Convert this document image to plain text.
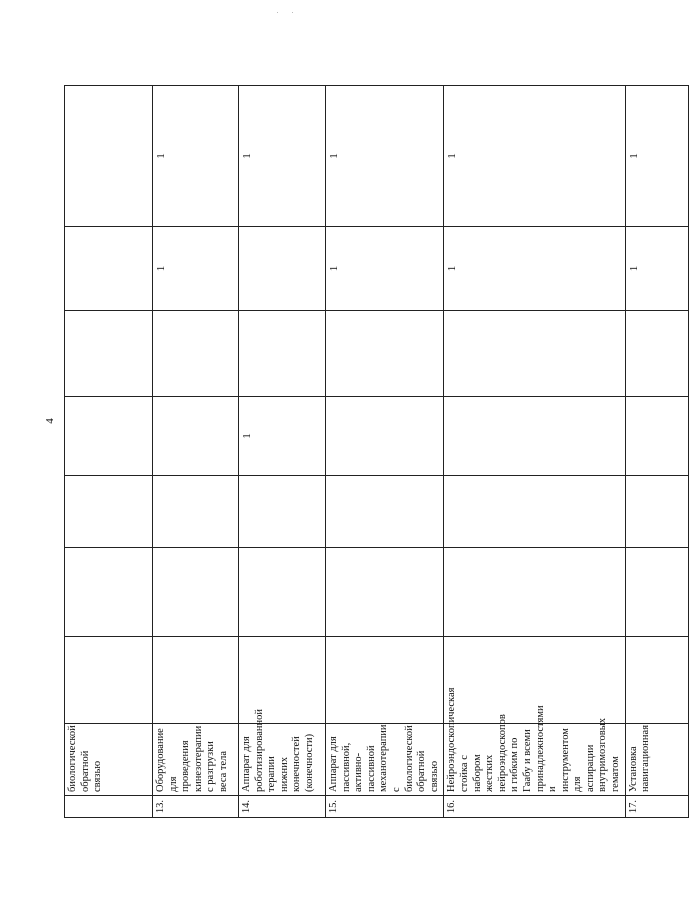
4
	биологической обратной связью							
13.	Оборудование для проведения кинезотерапии с разгрузки веса тела						1	1
14.	Аппарат для роботизированной терапии нижних конечностей (конечности)				1			1
15.	Аппарат для пассивной, активно-пассивной механотерапии с биологической обратной связью						1	1
16.	Нейроэндоскопическая стойка с набором жестких нейроэндоскопов и гибким по Гаабу и всеми принадлежностями и инструментом для аспирации внутримозговых гематом						1	1
17.	Установка навигационная						1	1
